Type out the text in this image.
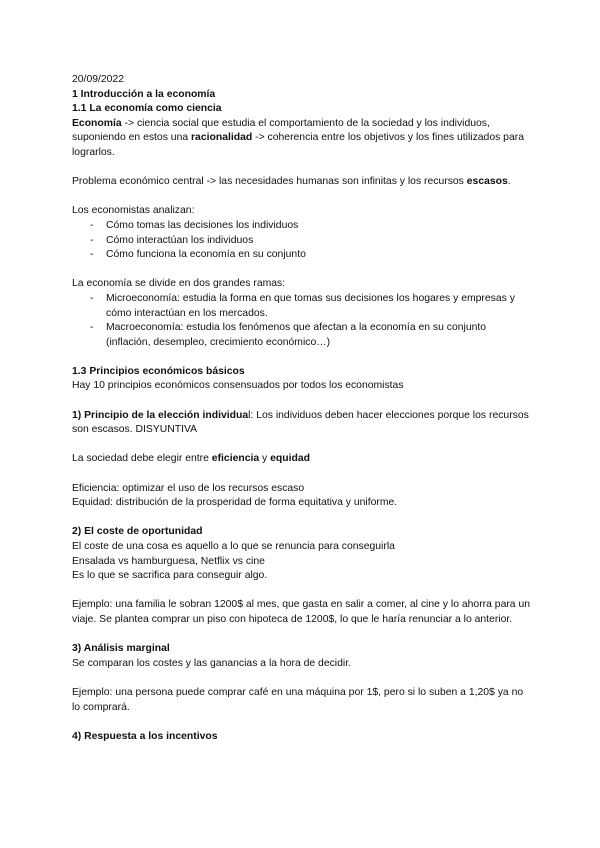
20/09/2022
1 Introducción a la economía
1.1 La economía como ciencia
Economía -> ciencia social que estudia el comportamiento de la sociedad y los individuos, suponiendo en estos una racionalidad -> coherencia entre los objetivos y los fines utilizados para lograrlos.
Problema económico central -> las necesidades humanas son infinitas y los recursos escasos.
Los economistas analizan:
- Cómo tomas las decisiones los individuos
- Cómo interactúan los individuos
- Cómo funciona la economía en su conjunto
La economía se divide en dos grandes ramas:
- Microeconomía: estudia la forma en que tomas sus decisiones los hogares y empresas y cómo interactúan en los mercados.
- Macroeconomía: estudia los fenómenos que afectan a la economía en su conjunto (inflación, desempleo, crecimiento económico…)
1.3 Principios económicos básicos
Hay 10 principios económicos consensuados por todos los economistas
1) Principio de la elección individual: Los individuos deben hacer elecciones porque los recursos son escasos. DISYUNTIVA
La sociedad debe elegir entre eficiencia y equidad
Eficiencia: optimizar el uso de los recursos escaso
Equidad: distribución de la prosperidad de forma equitativa y uniforme.
2) El coste de oportunidad
El coste de una cosa es aquello a lo que se renuncia para conseguirla
Ensalada vs hamburguesa, Netflix vs cine
Es lo que se sacrifica para conseguir algo.
Ejemplo: una familia le sobran 1200$ al mes, que gasta en salir a comer, al cine y lo ahorra para un viaje. Se plantea comprar un piso con hipoteca de 1200$, lo que le haría renunciar a lo anterior.
3) Análisis marginal
Se comparan los costes y las ganancias a la hora de decidir.
Ejemplo: una persona puede comprar café en una máquina por 1$, pero si lo suben a 1,20$ ya no lo comprará.
4) Respuesta a los incentivos
